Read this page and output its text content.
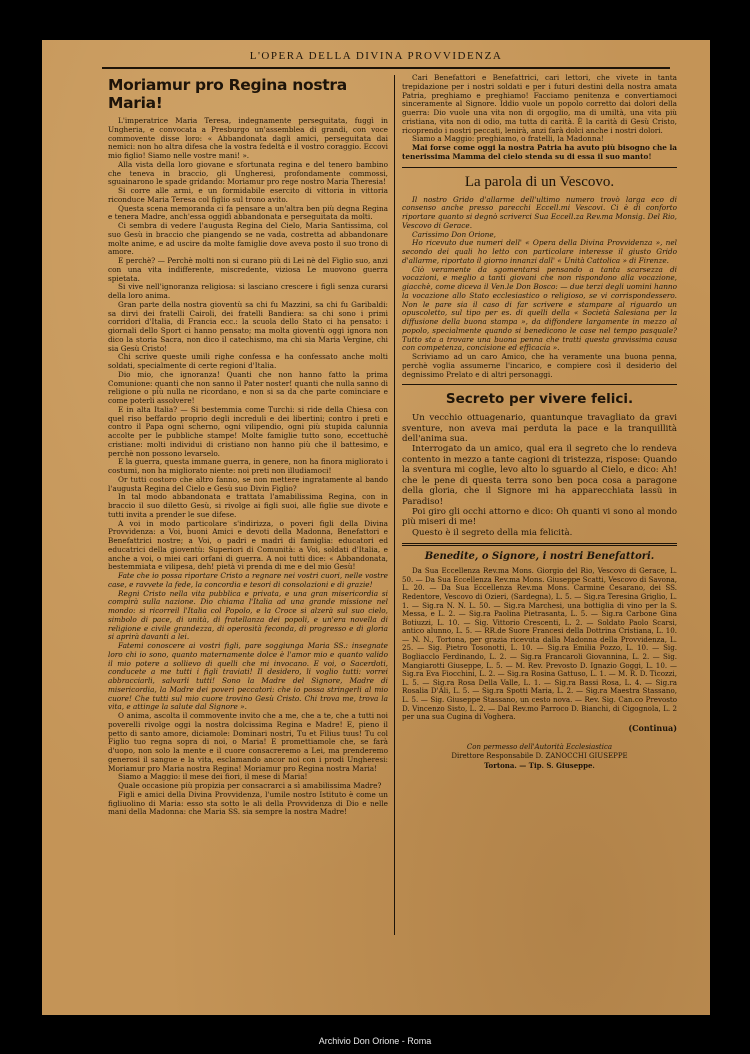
L'OPERA DELLA DIVINA PROVVIDENZA
Moriamur pro Regina nostra Maria!

L'imperatrice Maria Teresa, indegnamente perseguitata, fuggì in Ungheria, e convocata a Presburgo un'assemblea di grandi, con voce commovente disse loro: « Abbandonata dagli amici, perseguitata dai nemici: non ho altra difesa che la vostra fedeltà e il vostro coraggio. Eccovi mio figlio! Siamo nelle vostre mani! ».

Alla vista della loro giovane e sfortunata regina e del tenero bambino che teneva in braccio, gli Ungheresi, profondamente commossi, sguainarono le spade gridando: Moriamur pro rege nostro Maria Theresia!

Si corre alle armi, e un formidabile esercito di vittoria in vittoria riconduce Maria Teresa col figlio sul trono avito.

Questa scena memoranda ci fa pensare a un'altra ben più degna Regina e tenera Madre, anch'essa oggidì abbandonata e perseguitata da molti.

Ci sembra di vedere l'augusta Regina del Cielo, Maria Santissima, col suo Gesù in braccio che piangendo se ne vada, costretta ad abbandonare molte anime, e ad uscire da molte famiglie dove aveva posto il suo trono di amore.

E perchè? — Perchè molti non si curano più di Lei nè del Figlio suo, anzi con una vita indifferente, miscredente, viziosa Le muovono guerra spietata.

Si vive nell'ignoranza religiosa: si lasciano crescere i figli senza curarsi della loro anima.

Gran parte della nostra gioventù sa chi fu Mazzini, sa chi fu Garibaldi: sa dirvi dei fratelli Cairoli, dei fratelli Bandiera: sa chi sono i primi corridori d'Italia, di Francia ecc.: la scuola dello Stato ci ha pensato: i giornali dello Sport ci hanno pensato; ma molta gioventù oggi ignora non dico la storia Sacra, non dico il catechismo, ma chi sia Maria Vergine, chi sia Gesù Cristo!

Chi scrive queste umili righe confessa e ha confessato anche molti soldati, specialmente di certe regioni d'Italia.

Dio mio, che ignoranza! Quanti che non hanno fatto la prima Comunione: quanti che non sanno il Pater noster! quanti che nulla sanno di religione o più nulla ne ricordano, e non si sa da che parte cominciare e come poterli assolvere!

E in alta Italia? — Si bestemmia come Turchi: si ride della Chiesa con quel riso beffardo proprio degli increduli e dei libertini; contro i preti e contro il Papa ogni scherno, ogni vilipendio, ogni più stupida calunnia accolte per le pubbliche stampe! Molte famiglie tutto sono, eccettuchè cristiane: molti individui di cristiano non hanno più che il battesimo, e perchè non possono levarselo.

E la guerra, questa immane guerra, in genere, non ha finora migliorato i costumi, non ha migliorato niente: noi preti non illudiamoci!

Or tutti costoro che altro fanno, se non mettere ingratamente al bando l'augusta Regina del Cielo e Gesù suo Divin Figlio?

In tal modo abbandonata e trattata l'amabilissima Regina, con in braccio il suo diletto Gesù, si rivolge ai figli suoi, alle figlie sue divote e tutti invita a prender le sue difese.

A voi in modo particolare s'indirizza, o poveri figli della Divina Provvidenza: a Voi, buoni Amici e devoti della Madonna, Benefattori e Benefattrici nostre; a Voi, o padri e madri di famiglia: educatori ed educatrici della gioventù: Superiori di Comunità: a Voi, soldati d'Italia, e anche a voi, o miei cari orfani di guerra. A noi tutti dice: « Abbandonata, bestemmiata e vilipesa, deh! pietà vi prenda di me e del mio Gesù!

Fate che io possa riportare Cristo a regnare nei vostri cuori, nelle vostre case, e ravvete la fede, la concordia e tesori di consolazioni e di grazie!

Regni Cristo nella vita pubblica e privata, e una gran misericordia si compirà sulla nazione. Dio chiama l'Italia ad una grande missione nel mondo: si ricorreil l'Italia col Popolo, e la Croce si alzerà sul suo cielo, simbolo di pace, di unità, di fratellanza dei popoli, e un'era novella di religione e civile grandezza, di operosità feconda, di progresso e di gloria si aprirà davanti a lei.

Fatemi conoscere ai vostri figli, pare soggiunga Maria SS.: insegnate loro chi io sono, quanto maternamente dolce è l'amor mio e quanto valido il mio potere a sollievo di quelli che mi invocano. E voi, o Sacerdoti, conducete a me tutti i figli traviati! Il desidero, li voglio tutti: vorrei abbracciarli, salvarli tutti! Sono la Madre del Signore, Madre di misericordia, la Madre dei poveri peccatori: che io possa stringerli al mio cuore! Che tutti sul mio cuore trovino Gesù Cristo. Chi trova me, trova la vita, e attinge la salute dal Signore ».

O anima, ascolta il commovente invito che a me, che a te, che a tutti noi poverelli rivolge oggi la nostra dolcissima Regina e Madre! E, pieno il petto di santo amore, diciamole: Dominari nostri, Tu et Filius tuus! Tu col Figlio tuo regna sopra di noi, o Maria! E promettiamole che, se farà d'uopo, non solo la mente e il cuore consacreremo a Lei, ma prenderemo generosi il sangue e la vita, esclamando ancor noi con i prodi Ungheresi: Moriamur pro Maria nostra Regina! Moriamur pro Regina nostra Maria!

Siamo a Maggio: il mese dei fiori, il mese di Maria!

Quale occasione più propizia per consacrarci a sì amabilissima Madre?

Figli e amici della Divina Provvidenza, l'umile nostro Istituto è come un figliuolino di Maria: esso sta sotto le ali della Provvidenza di Dio e nelle mani della Madonna: che Maria SS. sia sempre la nostra Madre!

Cari Benefattori e Benefattrici, cari lettori, che vivete in tanta trepidazione per i nostri soldati e per i futuri destini della nostra amata Patria, preghiamo e preghiamo! Facciamo penitenza e convertiamoci sinceramente al Signore. Iddio vuole un popolo corretto dai dolori della guerra: Dio vuole una vita non di orgoglio, ma di umiltà, una vita più cristiana, vita non di odio, ma tutta di carità. È la carità di Gesù Cristo, ricoprendo i nostri peccati, lenirà, anzi farà dolci anche i nostri dolori.

Siamo a Maggio: preghiamo, o fratelli, la Madonna!

Mai forse come oggi la nostra Patria ha avuto più bisogno che la tenerissima Mamma del cielo stenda su di essa il suo manto!

La parola di un Vescovo.

Il nostro Grido d'allarme dell'ultimo numero trovò larga eco di consenso anche presso parecchi Eccell.mi Vescovi. Ci è di conforto riportare quanto si degnò scriverci Sua Eccell.za Rev.ma Monsig. Del Rio, Vescovo di Gerace.

Carissimo Don Orione,

Ho ricevuto due numeri dell' « Opera della Divina Provvidenza », nel secondo dei quali ho letto con particolare interesse il giusto Grido d'allarme, riportato il giorno innanzi dall' « Unità Cattolica » di Firenze.

Ciò veramente da sgomentarsi pensando a tanta scarsezza di vocazioni, e meglio a tanti giovani che non rispondono alla vocazione, giacchè, come diceva il Ven.le Don Bosco: — due terzi degli uomini hanno la vocazione allo Stato ecclesiastico o religioso, se vi corrispondessero. Non le pare sia il caso di far scrivere e stampare al riguardo un opuscoletto, sul tipo per es. di quelli della « Società Salesiana per la diffusione della buona stampa », da diffondere largamente in mezzo al popolo, specialmente quando si benedicono le case nel tempo pasquale? Tutto sta a trovare una buona penna che tratti questa gravissima causa con competenza, concisione ed efficacia ».

Scriviamo ad un caro Amico, che ha veramente una buona penna, perchè voglia assumerne l'incarico, e compiere così il desiderio del degnissimo Prelato e di altri personaggi.

Secreto per vivere felici.

Un vecchio ottuagenario, quantunque travagliato da gravi sventure, non aveva mai perduta la pace e la tranquillità dell'anima sua.

Interrogato da un amico, qual era il segreto che lo rendeva contento in mezzo a tante cagioni di tristezza, rispose: Quando la sventura mi coglie, levo alto lo sguardo al Cielo, e dico: Ah! che le pene di questa terra sono ben poca cosa a paragone della gloria, che il Signore mi ha apparecchiata lassù in Paradiso!

Poi giro gli occhi attorno e dico: Oh quanti vi sono al mondo più miseri di me!

Questo è il segreto della mia felicità.

Benedite, o Signore, i nostri Benefattori.

Da Sua Eccellenza Rev.ma Mons. Giorgio del Rio, Vescovo di Gerace, L. 50. — Da Sua Eccellenza Rev.ma Mons. Giuseppe Scatti, Vescovo di Savona, L. 20. — Da Sua Eccellenza Rev.ma Mons. Carmine Cesarano, dei SS. Redentore, Vescovo di Ozieri, (Sardegna), L. 5. — Sig.ra Teresina Griglio, L. 1. — Sig.ra N. N. L. 50. — Sig.ra Marchesi, una bottiglia di vino per la S. Messa, e L. 2. — Sig.ra Paolina Pietrasanta, L. 5. — Sig.ra Carbone Gina Botiuzzi, L. 10. — Sig. Vittorio Crescenti, L. 2. — Soldato Paolo Scarsi, antico alunno, L. 5. — RR.de Suore Francesi della Dottrina Cristiana, L. 10. — N. N., Tortona, per grazia ricevuta dalla Madonna della Provvidenza, L. 25. — Sig. Pietro Tosonotti, L. 10. — Sig.ra Emilia Pozzo, L. 10. — Sig. Bogliacclo Ferdinando, L. 2. — Sig.ra Francaroli Giovannina, L. 2. — Sig. Mangiarotti Giuseppe, L. 5. — M. Rev. Prevosto D. Ignazio Goggi, L. 10. — Sig.ra Eva Fiocchini, L. 2. — Sig.ra Rosina Gattuso, L. 1. — M. R. D. Ticozzi, L. 5. — Sig.ra Rosa Della Valle, L. 1. — Sig.ra Bassi Rosa, L. 4. — Sig.ra Rosalia D'Ali, L. 5. — Sig.ra Spotti Maria, L. 2. — Sig.ra Maestra Stassano, L. 5. — Sig. Giuseppe Stassano, un cesto nova. — Rev. Sig. Can.co Prevosto D. Vincenzo Sisto, L. 2. — Dal Rev.mo Parroco D. Bianchi, di Cigognola, L. 2 per una sua Cugina di Voghera.

(Continua)
Con permesso dell'Autorità Ecclesiastica
Direttore Responsabile D. ZANOCCHI GIUSEPPE
Tortona. — Tip. S. Giuseppe.
Archivio Don Orione - Roma
